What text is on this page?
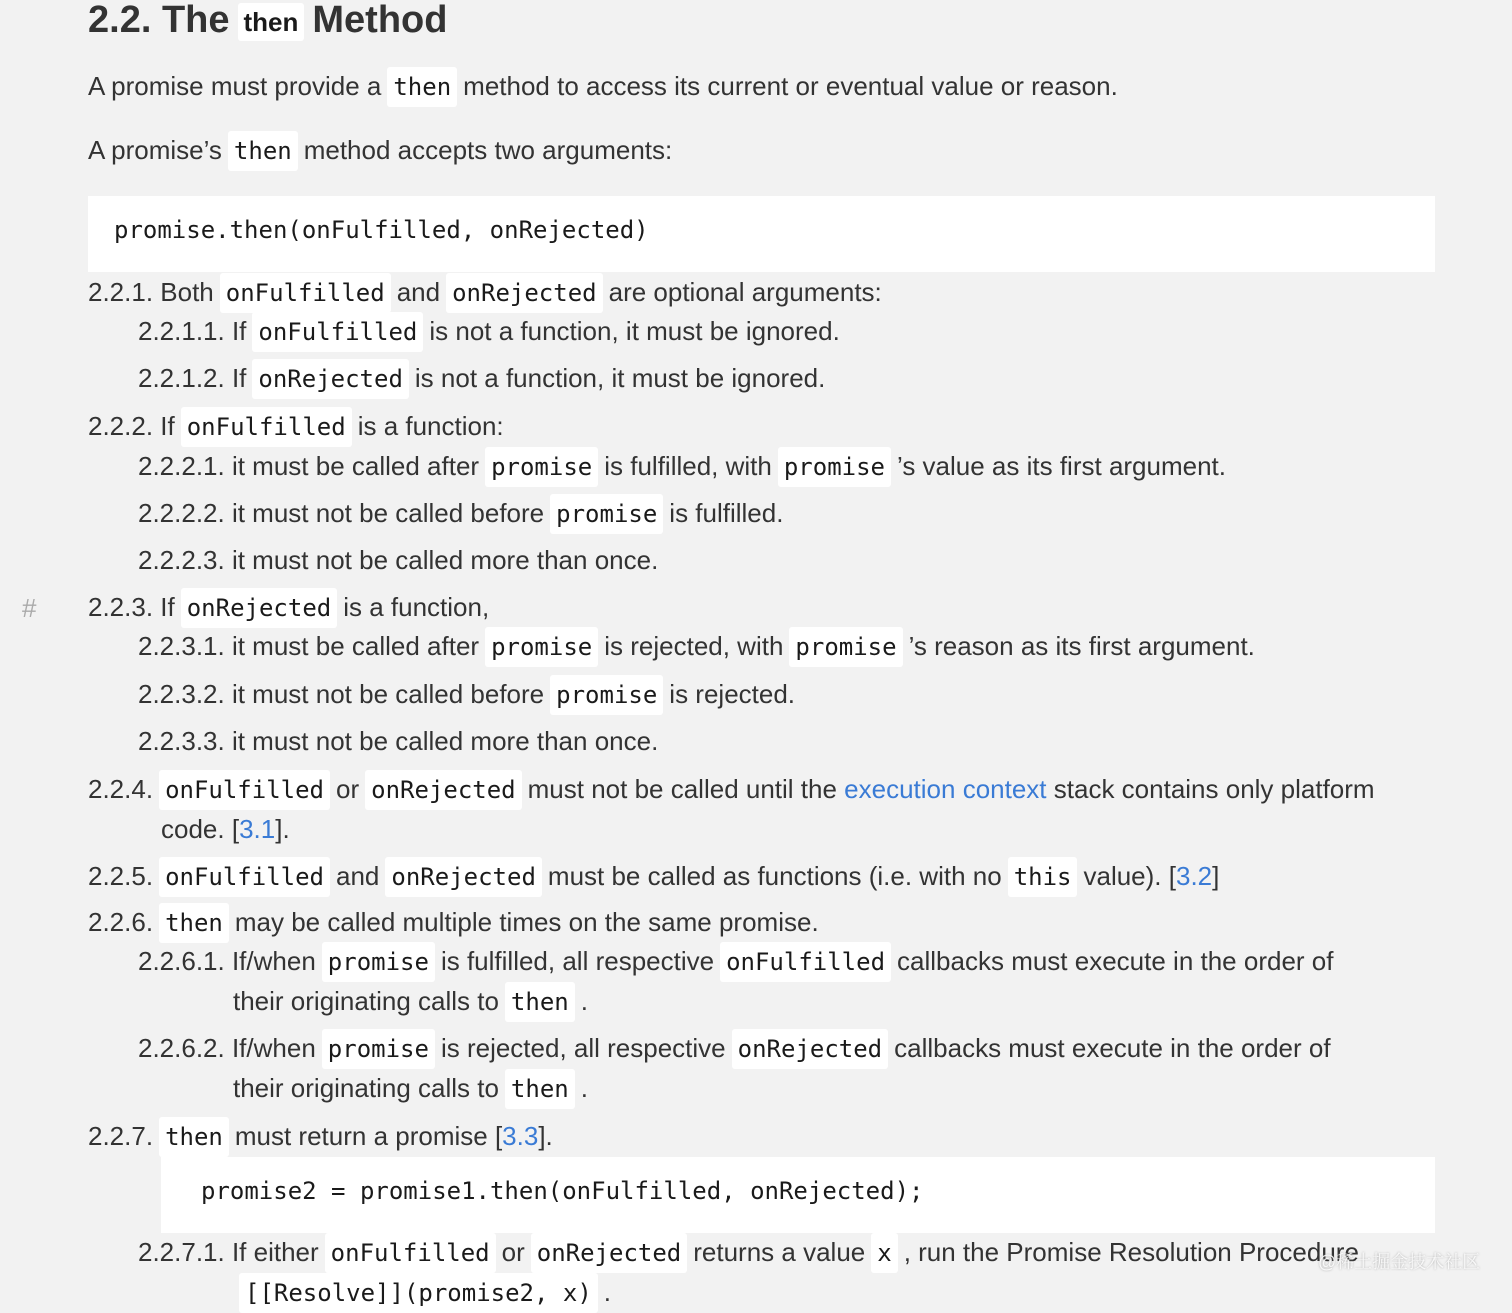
2.2. The then Method
A promise must provide a then method to access its current or eventual value or reason.
A promise’s then method accepts two arguments:
promise.then(onFulfilled, onRejected)
2.2.1. Both onFulfilled and onRejected are optional arguments:
2.2.1.1. If onFulfilled is not a function, it must be ignored.
2.2.1.2. If onRejected is not a function, it must be ignored.
2.2.2. If onFulfilled is a function:
2.2.2.1. it must be called after promise is fulfilled, with promise ’s value as its first argument.
2.2.2.2. it must not be called before promise is fulfilled.
2.2.2.3. it must not be called more than once.
# 2.2.3. If onRejected is a function,
2.2.3.1. it must be called after promise is rejected, with promise ’s reason as its first argument.
2.2.3.2. it must not be called before promise is rejected.
2.2.3.3. it must not be called more than once.
2.2.4. onFulfilled or onRejected must not be called until the execution context stack contains only platform
code. [3.1].
2.2.5. onFulfilled and onRejected must be called as functions (i.e. with no this value). [3.2]
2.2.6. then may be called multiple times on the same promise.
2.2.6.1. If/when promise is fulfilled, all respective onFulfilled callbacks must execute in the order of
their originating calls to then .
2.2.6.2. If/when promise is rejected, all respective onRejected callbacks must execute in the order of
their originating calls to then .
2.2.7. then must return a promise [3.3].
promise2 = promise1.then(onFulfilled, onRejected);
2.2.7.1. If either onFulfilled or onRejected returns a value x , run the Promise Resolution Procedure
[[Resolve]](promise2, x) .
@稀土掘金技术社区
